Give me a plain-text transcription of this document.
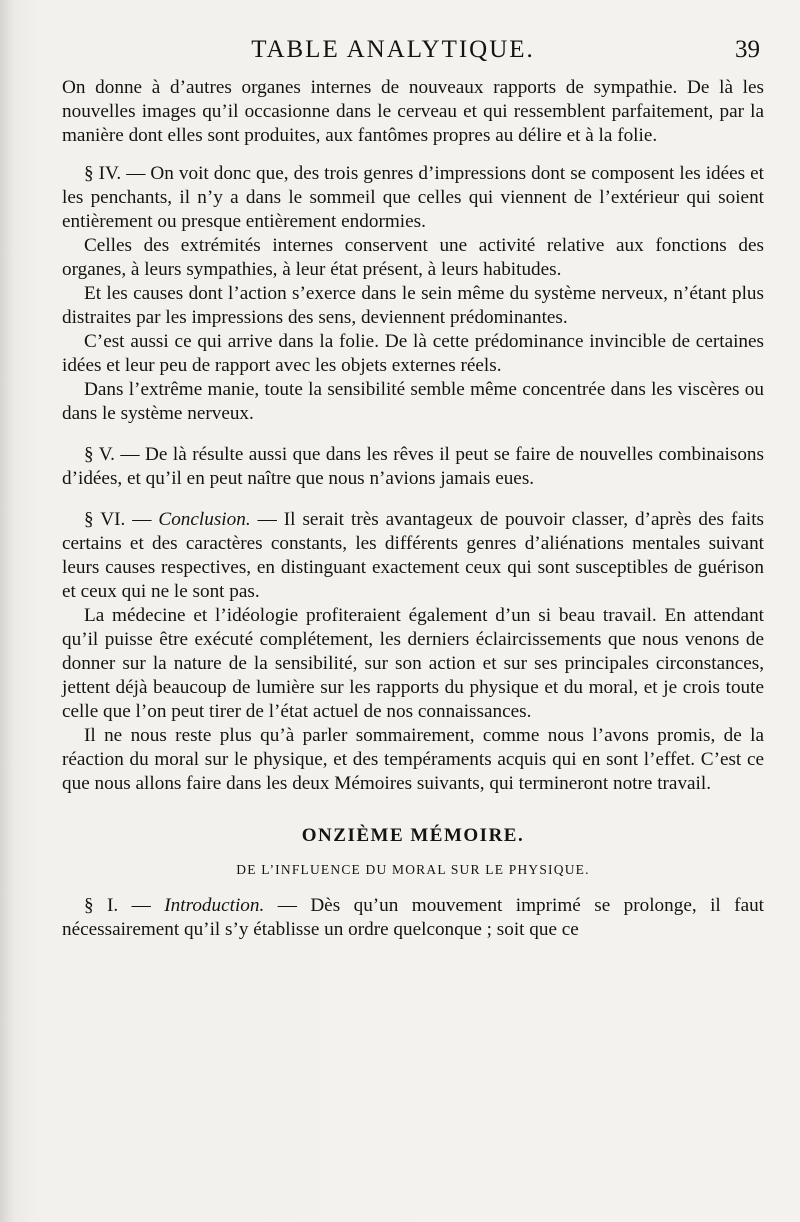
TABLE ANALYTIQUE.	39

On donne à d’autres organes internes de nouveaux rapports de sympathie. De là les nouvelles images qu’il occasionne dans le cerveau et qui ressemblent parfaitement, par la manière dont elles sont produites, aux fantômes propres au délire et à la folie.

§ IV. — On voit donc que, des trois genres d’impressions dont se composent les idées et les penchants, il n’y a dans le sommeil que celles qui viennent de l’extérieur qui soient entièrement ou presque entièrement endormies.

Celles des extrémités internes conservent une activité relative aux fonctions des organes, à leurs sympathies, à leur état présent, à leurs habitudes.

Et les causes dont l’action s’exerce dans le sein même du système nerveux, n’étant plus distraites par les impressions des sens, deviennent prédominantes.

C’est aussi ce qui arrive dans la folie. De là cette prédominance invincible de certaines idées et leur peu de rapport avec les objets externes réels.

Dans l’extrême manie, toute la sensibilité semble même concentrée dans les viscères ou dans le système nerveux.

§ V. — De là résulte aussi que dans les rêves il peut se faire de nouvelles combinaisons d’idées, et qu’il en peut naître que nous n’avions jamais eues.

§ VI. — Conclusion. — Il serait très avantageux de pouvoir classer, d’après des faits certains et des caractères constants, les différents genres d’aliénations mentales suivant leurs causes respectives, en distinguant exactement ceux qui sont susceptibles de guérison et ceux qui ne le sont pas.

La médecine et l’idéologie profiteraient également d’un si beau travail. En attendant qu’il puisse être exécuté complétement, les derniers éclaircissements que nous venons de donner sur la nature de la sensibilité, sur son action et sur ses principales circonstances, jettent déjà beaucoup de lumière sur les rapports du physique et du moral, et je crois toute celle que l’on peut tirer de l’état actuel de nos connaissances.

Il ne nous reste plus qu’à parler sommairement, comme nous l’avons promis, de la réaction du moral sur le physique, et des tempéraments acquis qui en sont l’effet. C’est ce que nous allons faire dans les deux Mémoires suivants, qui termineront notre travail.

ONZIÈME MÉMOIRE.
DE L’INFLUENCE DU MORAL SUR LE PHYSIQUE.

§ I. — Introduction. — Dès qu’un mouvement imprimé se prolonge, il faut nécessairement qu’il s’y établisse un ordre quelconque ; soit que ce
